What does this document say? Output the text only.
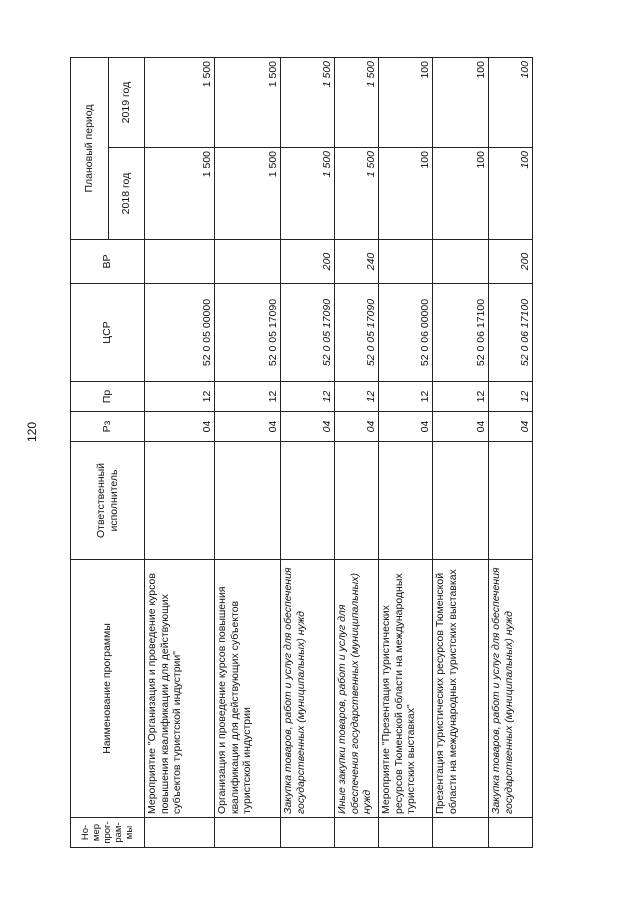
120
Но-мер прог-рам-мы	Наименование программы	Ответственный исполнитель	Рз	Пр	ЦСР	ВР	Плановый период	
							2018 год	2019 год
	Мероприятие "Организация и проведение курсов повышения квалификации для действующих субъектов туристской индустрии"		04	12	52 0 05 00000		1 500	1 500
	Организация и проведение курсов повышения квалификации для действующих субъектов туристской индустрии		04	12	52 0 05 17090		1 500	1 500
	Закупка товаров, работ и услуг для обеспечения государственных (муниципальных) нужд		04	12	52 0 05 17090	200	1 500	1 500
	Иные закупки товаров, работ и услуг для обеспечения государственных (муниципальных) нужд		04	12	52 0 05 17090	240	1 500	1 500
	Мероприятие "Презентация туристических ресурсов Тюменской области на международных туристских выставках"		04	12	52 0 06 00000		100	100
	Презентация туристических ресурсов Тюменской области на международных туристских выставках		04	12	52 0 06 17100		100	100
	Закупка товаров, работ и услуг для обеспечения государственных (муниципальных) нужд		04	12	52 0 06 17100	200	100	100
